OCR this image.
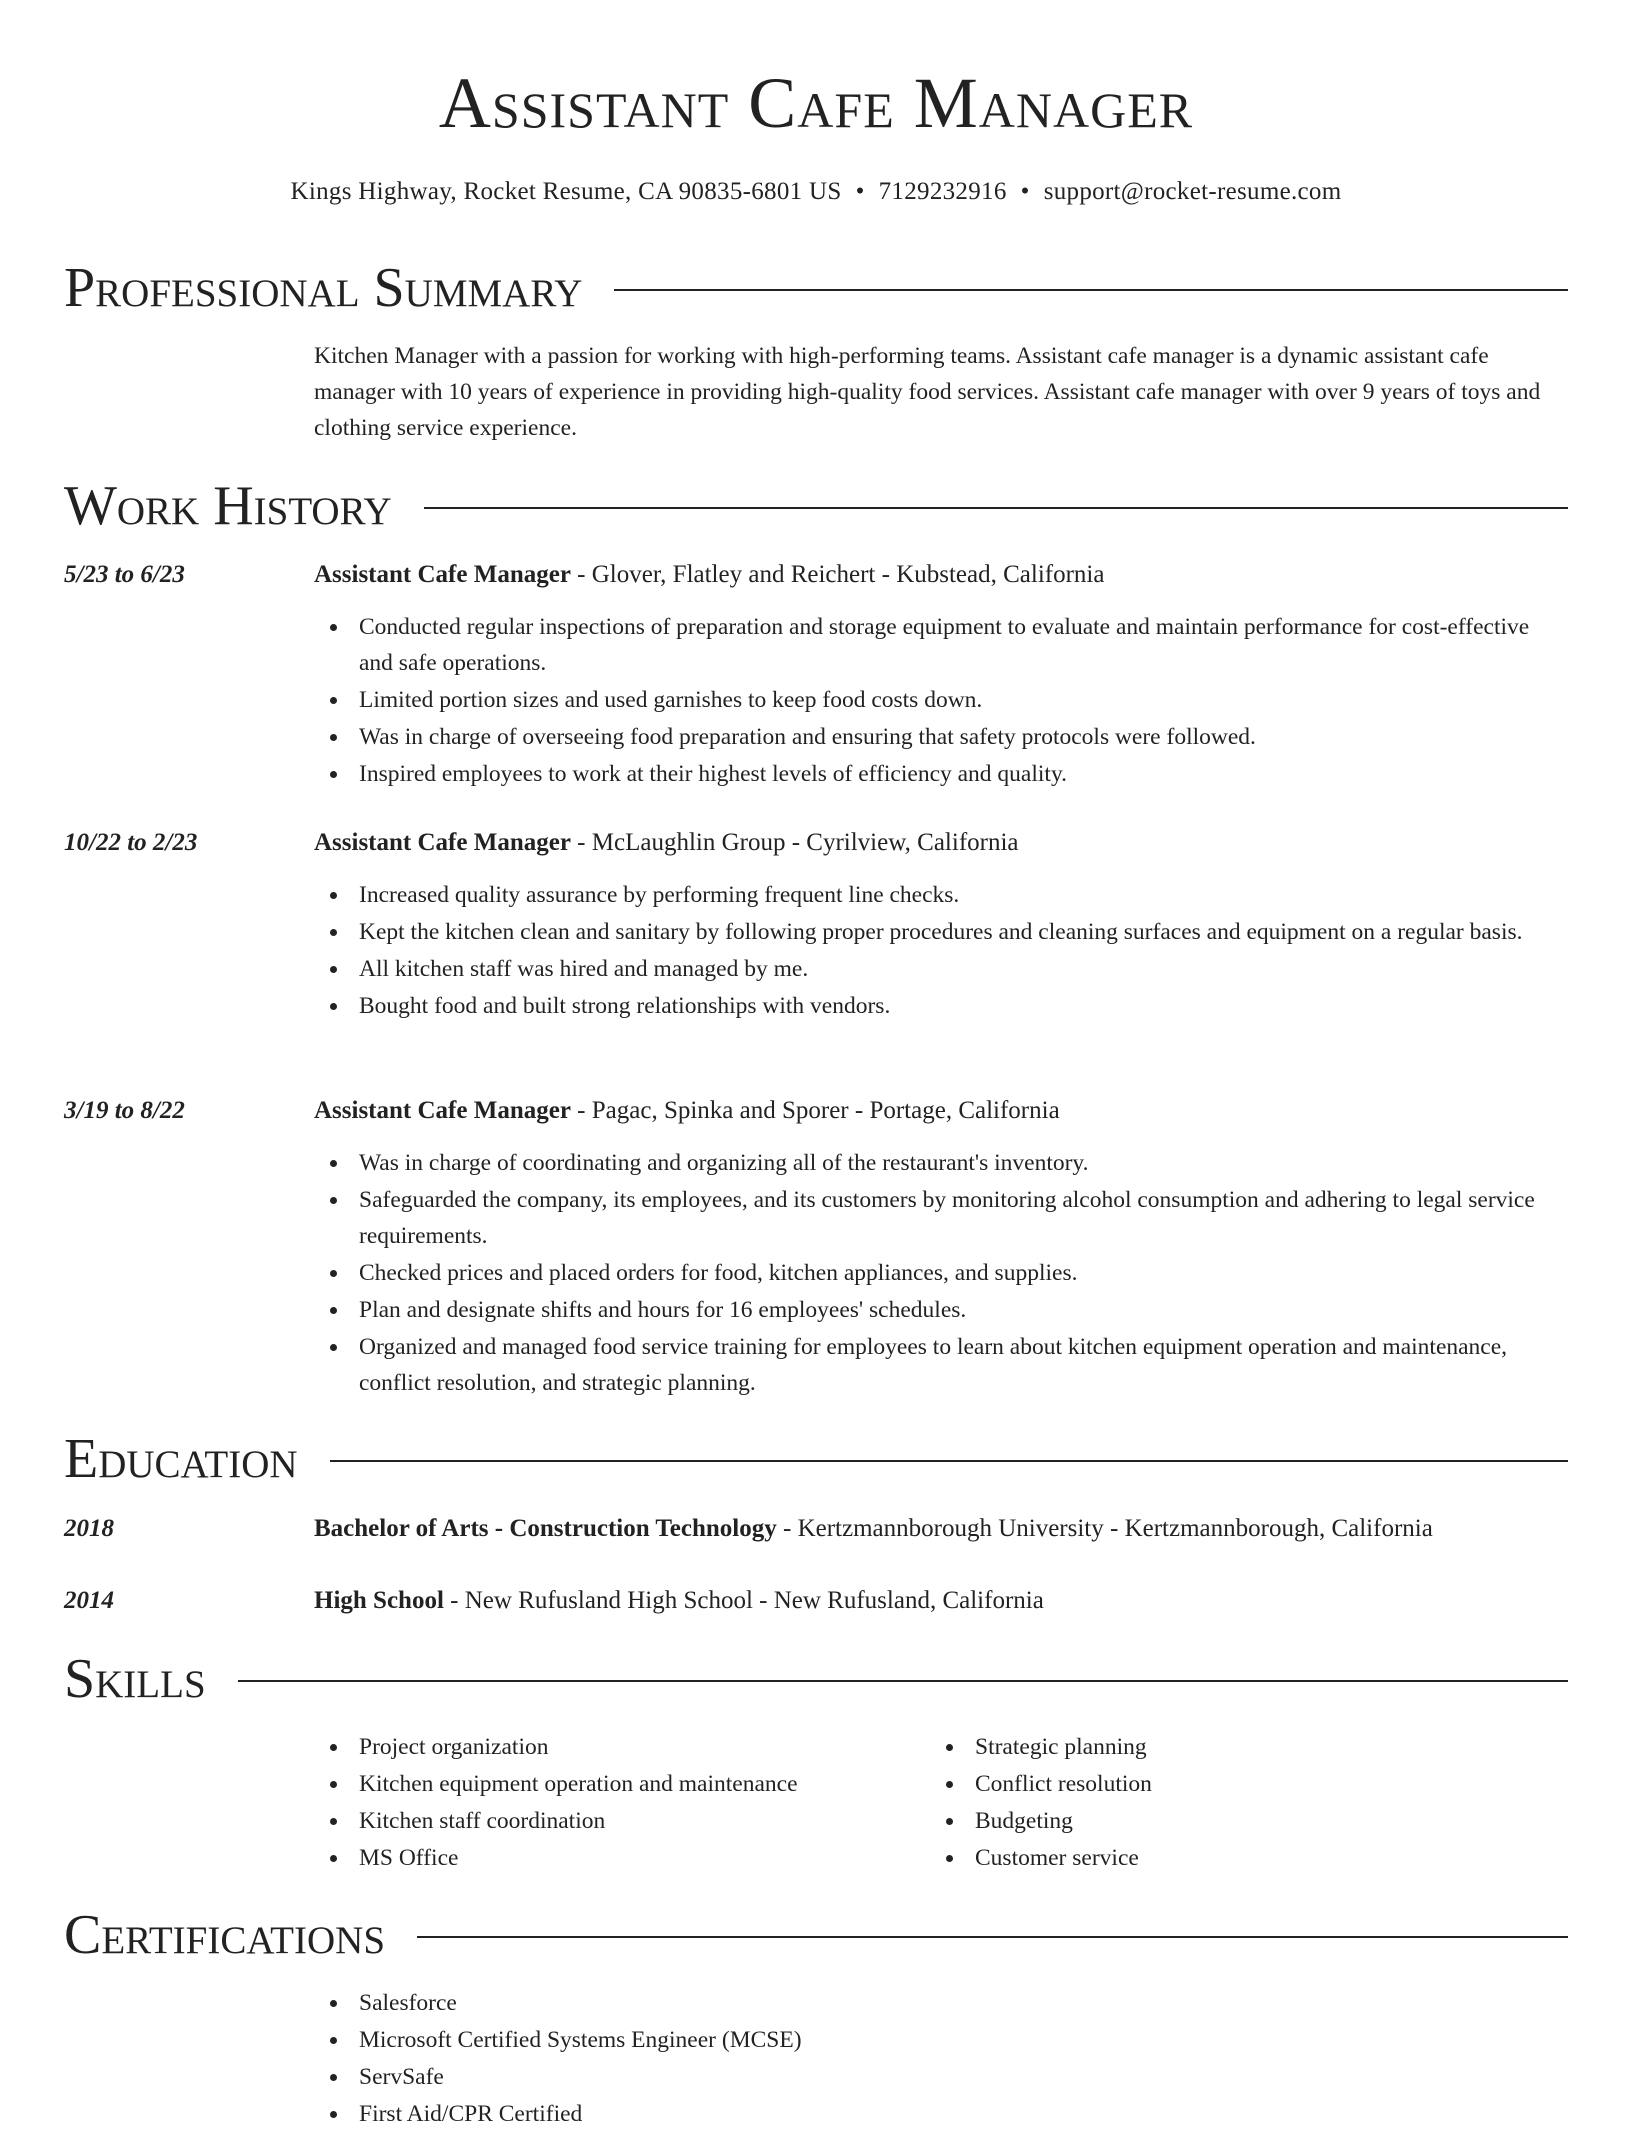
Assistant Cafe Manager
Kings Highway, Rocket Resume, CA 90835-6801 US • 7129232916 • support@rocket-resume.com
Professional Summary
Kitchen Manager with a passion for working with high-performing teams. Assistant cafe manager is a dynamic assistant cafe manager with 10 years of experience in providing high-quality food services. Assistant cafe manager with over 9 years of toys and clothing service experience.
Work History
5/23 to 6/23	Assistant Cafe Manager - Glover, Flatley and Reichert - Kubstead, California
Conducted regular inspections of preparation and storage equipment to evaluate and maintain performance for cost-effective and safe operations.
Limited portion sizes and used garnishes to keep food costs down.
Was in charge of overseeing food preparation and ensuring that safety protocols were followed.
Inspired employees to work at their highest levels of efficiency and quality.
10/22 to 2/23	Assistant Cafe Manager - McLaughlin Group - Cyrilview, California
Increased quality assurance by performing frequent line checks.
Kept the kitchen clean and sanitary by following proper procedures and cleaning surfaces and equipment on a regular basis.
All kitchen staff was hired and managed by me.
Bought food and built strong relationships with vendors.
3/19 to 8/22	Assistant Cafe Manager - Pagac, Spinka and Sporer - Portage, California
Was in charge of coordinating and organizing all of the restaurant's inventory.
Safeguarded the company, its employees, and its customers by monitoring alcohol consumption and adhering to legal service requirements.
Checked prices and placed orders for food, kitchen appliances, and supplies.
Plan and designate shifts and hours for 16 employees' schedules.
Organized and managed food service training for employees to learn about kitchen equipment operation and maintenance, conflict resolution, and strategic planning.
Education
2018	Bachelor of Arts - Construction Technology - Kertzmannborough University - Kertzmannborough, California
2014	High School - New Rufusland High School - New Rufusland, California
Skills
Project organization
Kitchen equipment operation and maintenance
Kitchen staff coordination
MS Office
Strategic planning
Conflict resolution
Budgeting
Customer service
Certifications
Salesforce
Microsoft Certified Systems Engineer (MCSE)
ServSafe
First Aid/CPR Certified
